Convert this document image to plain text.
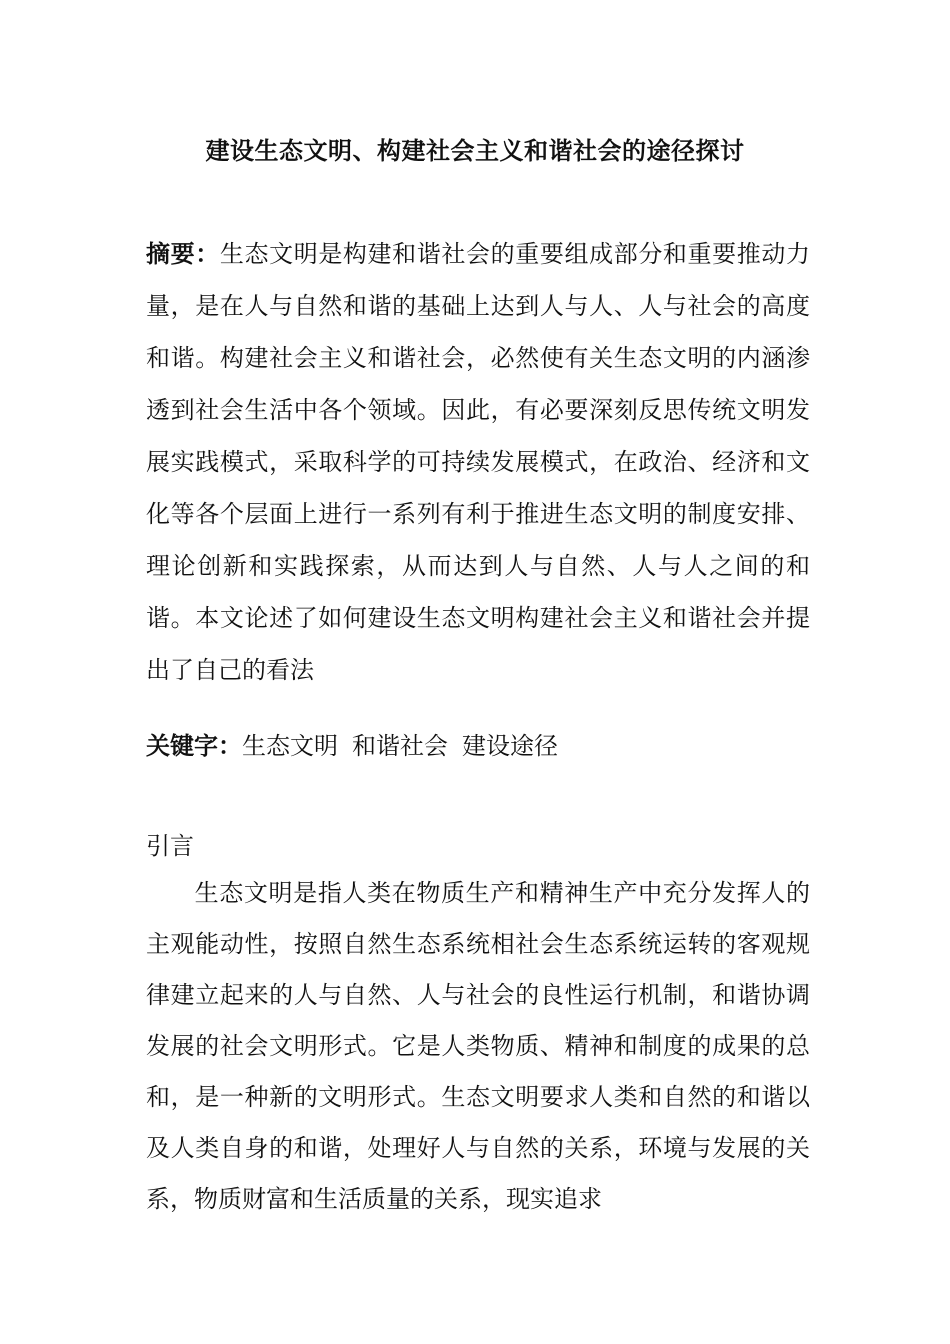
建设生态文明、构建社会主义和谐社会的途径探讨
摘要：生态文明是构建和谐社会的重要组成部分和重要推动力量，是在人与自然和谐的基础上达到人与人、人与社会的高度和谐。构建社会主义和谐社会，必然使有关生态文明的内涵渗透到社会生活中各个领域。因此，有必要深刻反思传统文明发展实践模式，采取科学的可持续发展模式，在政治、经济和文化等各个层面上进行一系列有利于推进生态文明的制度安排、理论创新和实践探索，从而达到人与自然、人与人之间的和谐。本文论述了如何建设生态文明构建社会主义和谐社会并提出了自己的看法
关键字：生态文明 和谐社会 建设途径
引言
生态文明是指人类在物质生产和精神生产中充分发挥人的主观能动性，按照自然生态系统相社会生态系统运转的客观规律建立起来的人与自然、人与社会的良性运行机制，和谐协调发展的社会文明形式。它是人类物质、精神和制度的成果的总和，是一种新的文明形式。生态文明要求人类和自然的和谐以及人类自身的和谐，处理好人与自然的关系，环境与发展的关系，物质财富和生活质量的关系，现实追求
